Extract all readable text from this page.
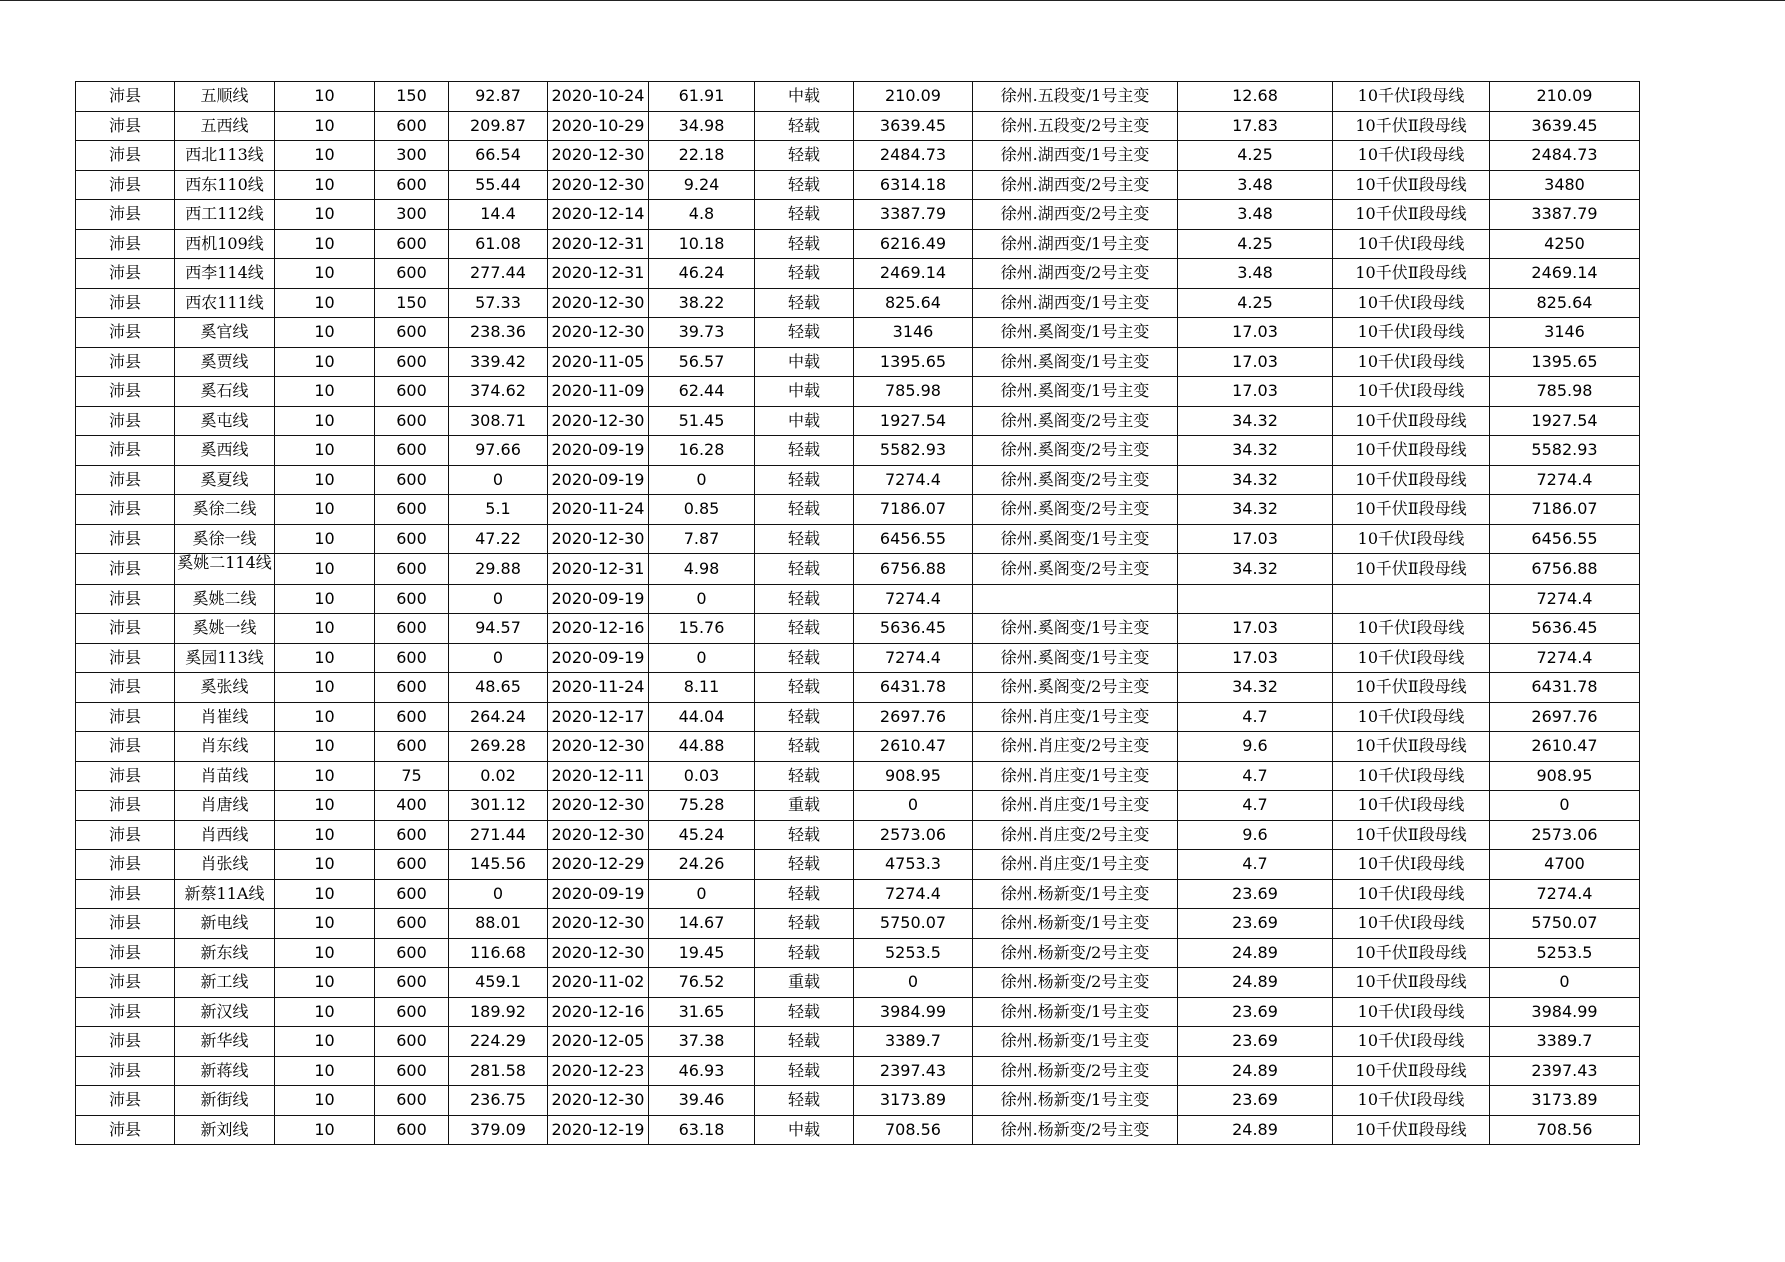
沛县	五顺线	10	150	92.87	2020-10-24	61.91	中载	210.09	徐州.五段变/1号主变	12.68	10千伏Ⅰ段母线	210.09
沛县	五西线	10	600	209.87	2020-10-29	34.98	轻载	3639.45	徐州.五段变/2号主变	17.83	10千伏Ⅱ段母线	3639.45
沛县	西北113线	10	300	66.54	2020-12-30	22.18	轻载	2484.73	徐州.湖西变/1号主变	4.25	10千伏Ⅰ段母线	2484.73
沛县	西东110线	10	600	55.44	2020-12-30	9.24	轻载	6314.18	徐州.湖西变/2号主变	3.48	10千伏Ⅱ段母线	3480
沛县	西工112线	10	300	14.4	2020-12-14	4.8	轻载	3387.79	徐州.湖西变/2号主变	3.48	10千伏Ⅱ段母线	3387.79
沛县	西机109线	10	600	61.08	2020-12-31	10.18	轻载	6216.49	徐州.湖西变/1号主变	4.25	10千伏Ⅰ段母线	4250
沛县	西李114线	10	600	277.44	2020-12-31	46.24	轻载	2469.14	徐州.湖西变/2号主变	3.48	10千伏Ⅱ段母线	2469.14
沛县	西农111线	10	150	57.33	2020-12-30	38.22	轻载	825.64	徐州.湖西变/1号主变	4.25	10千伏Ⅰ段母线	825.64
沛县	奚官线	10	600	238.36	2020-12-30	39.73	轻载	3146	徐州.奚阁变/1号主变	17.03	10千伏Ⅰ段母线	3146
沛县	奚贾线	10	600	339.42	2020-11-05	56.57	中载	1395.65	徐州.奚阁变/1号主变	17.03	10千伏Ⅰ段母线	1395.65
沛县	奚石线	10	600	374.62	2020-11-09	62.44	中载	785.98	徐州.奚阁变/1号主变	17.03	10千伏Ⅰ段母线	785.98
沛县	奚屯线	10	600	308.71	2020-12-30	51.45	中载	1927.54	徐州.奚阁变/2号主变	34.32	10千伏Ⅱ段母线	1927.54
沛县	奚西线	10	600	97.66	2020-09-19	16.28	轻载	5582.93	徐州.奚阁变/2号主变	34.32	10千伏Ⅱ段母线	5582.93
沛县	奚夏线	10	600	0	2020-09-19	0	轻载	7274.4	徐州.奚阁变/2号主变	34.32	10千伏Ⅱ段母线	7274.4
沛县	奚徐二线	10	600	5.1	2020-11-24	0.85	轻载	7186.07	徐州.奚阁变/2号主变	34.32	10千伏Ⅱ段母线	7186.07
沛县	奚徐一线	10	600	47.22	2020-12-30	7.87	轻载	6456.55	徐州.奚阁变/1号主变	17.03	10千伏Ⅰ段母线	6456.55
沛县	奚姚二114线	10	600	29.88	2020-12-31	4.98	轻载	6756.88	徐州.奚阁变/2号主变	34.32	10千伏Ⅱ段母线	6756.88
沛县	奚姚二线	10	600	0	2020-09-19	0	轻载	7274.4				7274.4
沛县	奚姚一线	10	600	94.57	2020-12-16	15.76	轻载	5636.45	徐州.奚阁变/1号主变	17.03	10千伏Ⅰ段母线	5636.45
沛县	奚园113线	10	600	0	2020-09-19	0	轻载	7274.4	徐州.奚阁变/1号主变	17.03	10千伏Ⅰ段母线	7274.4
沛县	奚张线	10	600	48.65	2020-11-24	8.11	轻载	6431.78	徐州.奚阁变/2号主变	34.32	10千伏Ⅱ段母线	6431.78
沛县	肖崔线	10	600	264.24	2020-12-17	44.04	轻载	2697.76	徐州.肖庄变/1号主变	4.7	10千伏Ⅰ段母线	2697.76
沛县	肖东线	10	600	269.28	2020-12-30	44.88	轻载	2610.47	徐州.肖庄变/2号主变	9.6	10千伏Ⅱ段母线	2610.47
沛县	肖苗线	10	75	0.02	2020-12-11	0.03	轻载	908.95	徐州.肖庄变/1号主变	4.7	10千伏Ⅰ段母线	908.95
沛县	肖唐线	10	400	301.12	2020-12-30	75.28	重载	0	徐州.肖庄变/1号主变	4.7	10千伏Ⅰ段母线	0
沛县	肖西线	10	600	271.44	2020-12-30	45.24	轻载	2573.06	徐州.肖庄变/2号主变	9.6	10千伏Ⅱ段母线	2573.06
沛县	肖张线	10	600	145.56	2020-12-29	24.26	轻载	4753.3	徐州.肖庄变/1号主变	4.7	10千伏Ⅰ段母线	4700
沛县	新蔡11A线	10	600	0	2020-09-19	0	轻载	7274.4	徐州.杨新变/1号主变	23.69	10千伏Ⅰ段母线	7274.4
沛县	新电线	10	600	88.01	2020-12-30	14.67	轻载	5750.07	徐州.杨新变/1号主变	23.69	10千伏Ⅰ段母线	5750.07
沛县	新东线	10	600	116.68	2020-12-30	19.45	轻载	5253.5	徐州.杨新变/2号主变	24.89	10千伏Ⅱ段母线	5253.5
沛县	新工线	10	600	459.1	2020-11-02	76.52	重载	0	徐州.杨新变/2号主变	24.89	10千伏Ⅱ段母线	0
沛县	新汉线	10	600	189.92	2020-12-16	31.65	轻载	3984.99	徐州.杨新变/1号主变	23.69	10千伏Ⅰ段母线	3984.99
沛县	新华线	10	600	224.29	2020-12-05	37.38	轻载	3389.7	徐州.杨新变/1号主变	23.69	10千伏Ⅰ段母线	3389.7
沛县	新蒋线	10	600	281.58	2020-12-23	46.93	轻载	2397.43	徐州.杨新变/2号主变	24.89	10千伏Ⅱ段母线	2397.43
沛县	新街线	10	600	236.75	2020-12-30	39.46	轻载	3173.89	徐州.杨新变/1号主变	23.69	10千伏Ⅰ段母线	3173.89
沛县	新刘线	10	600	379.09	2020-12-19	63.18	中载	708.56	徐州.杨新变/2号主变	24.89	10千伏Ⅱ段母线	708.56
